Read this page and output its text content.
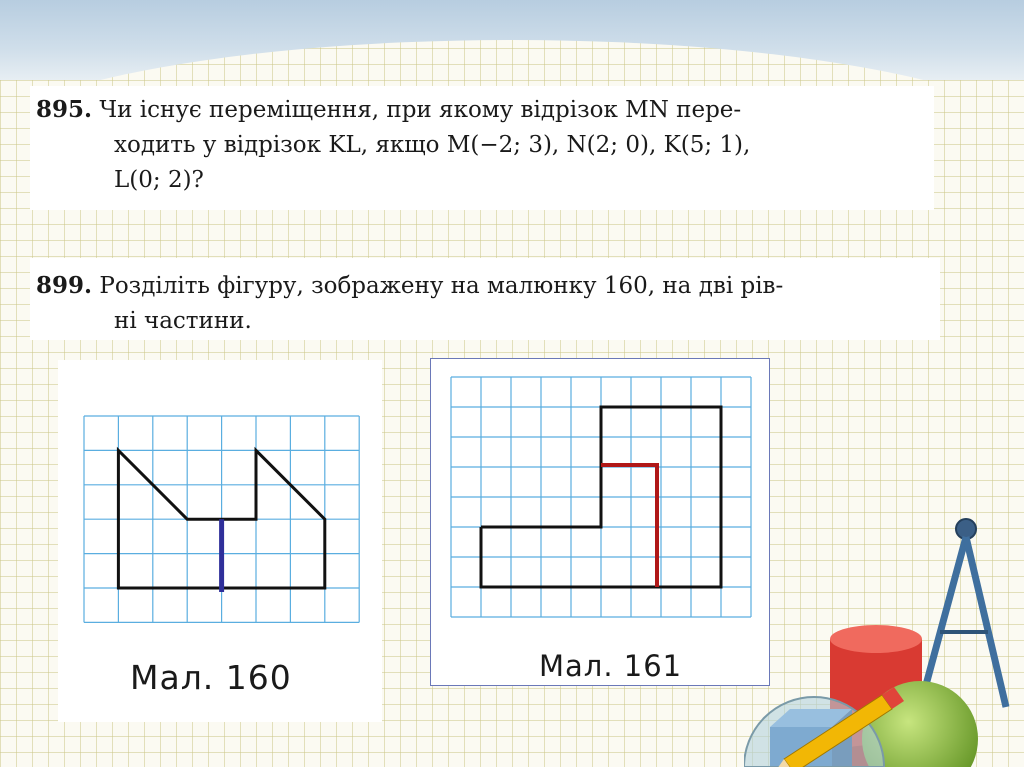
895. Чи існує переміщення, при якому відрізок MN пере-
ходить у відрізок KL, якщо M(−2; 3), N(2; 0), K(5; 1),
L(0; 2)?
899. Розділіть фігуру, зображену на малюнку 160, на дві рів-
ні частини.
Мал. 160	Мал. 161
